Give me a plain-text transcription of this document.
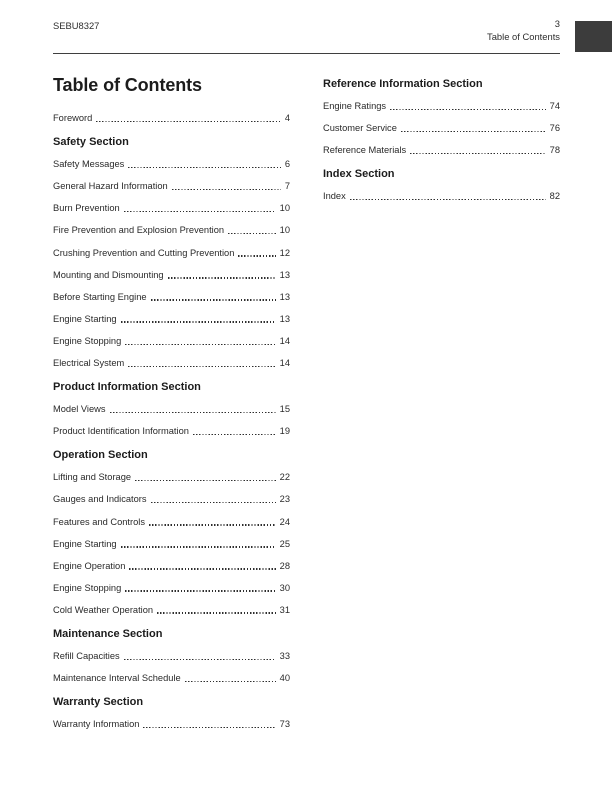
SEBU8327	3
Table of Contents
Table of Contents
Foreword	4
Safety Section
Safety Messages	6
General Hazard Information	7
Burn Prevention	10
Fire Prevention and Explosion Prevention	10
Crushing Prevention and Cutting Prevention	12
Mounting and Dismounting	13
Before Starting Engine	13
Engine Starting	13
Engine Stopping	14
Electrical System	14
Product Information Section
Model Views	15
Product Identification Information	19
Operation Section
Lifting and Storage	22
Gauges and Indicators	23
Features and Controls	24
Engine Starting	25
Engine Operation	28
Engine Stopping	30
Cold Weather Operation	31
Maintenance Section
Refill Capacities	33
Maintenance Interval Schedule	40
Warranty Section
Warranty Information	73
Reference Information Section
Engine Ratings	74
Customer Service	76
Reference Materials	78
Index Section
Index	82
